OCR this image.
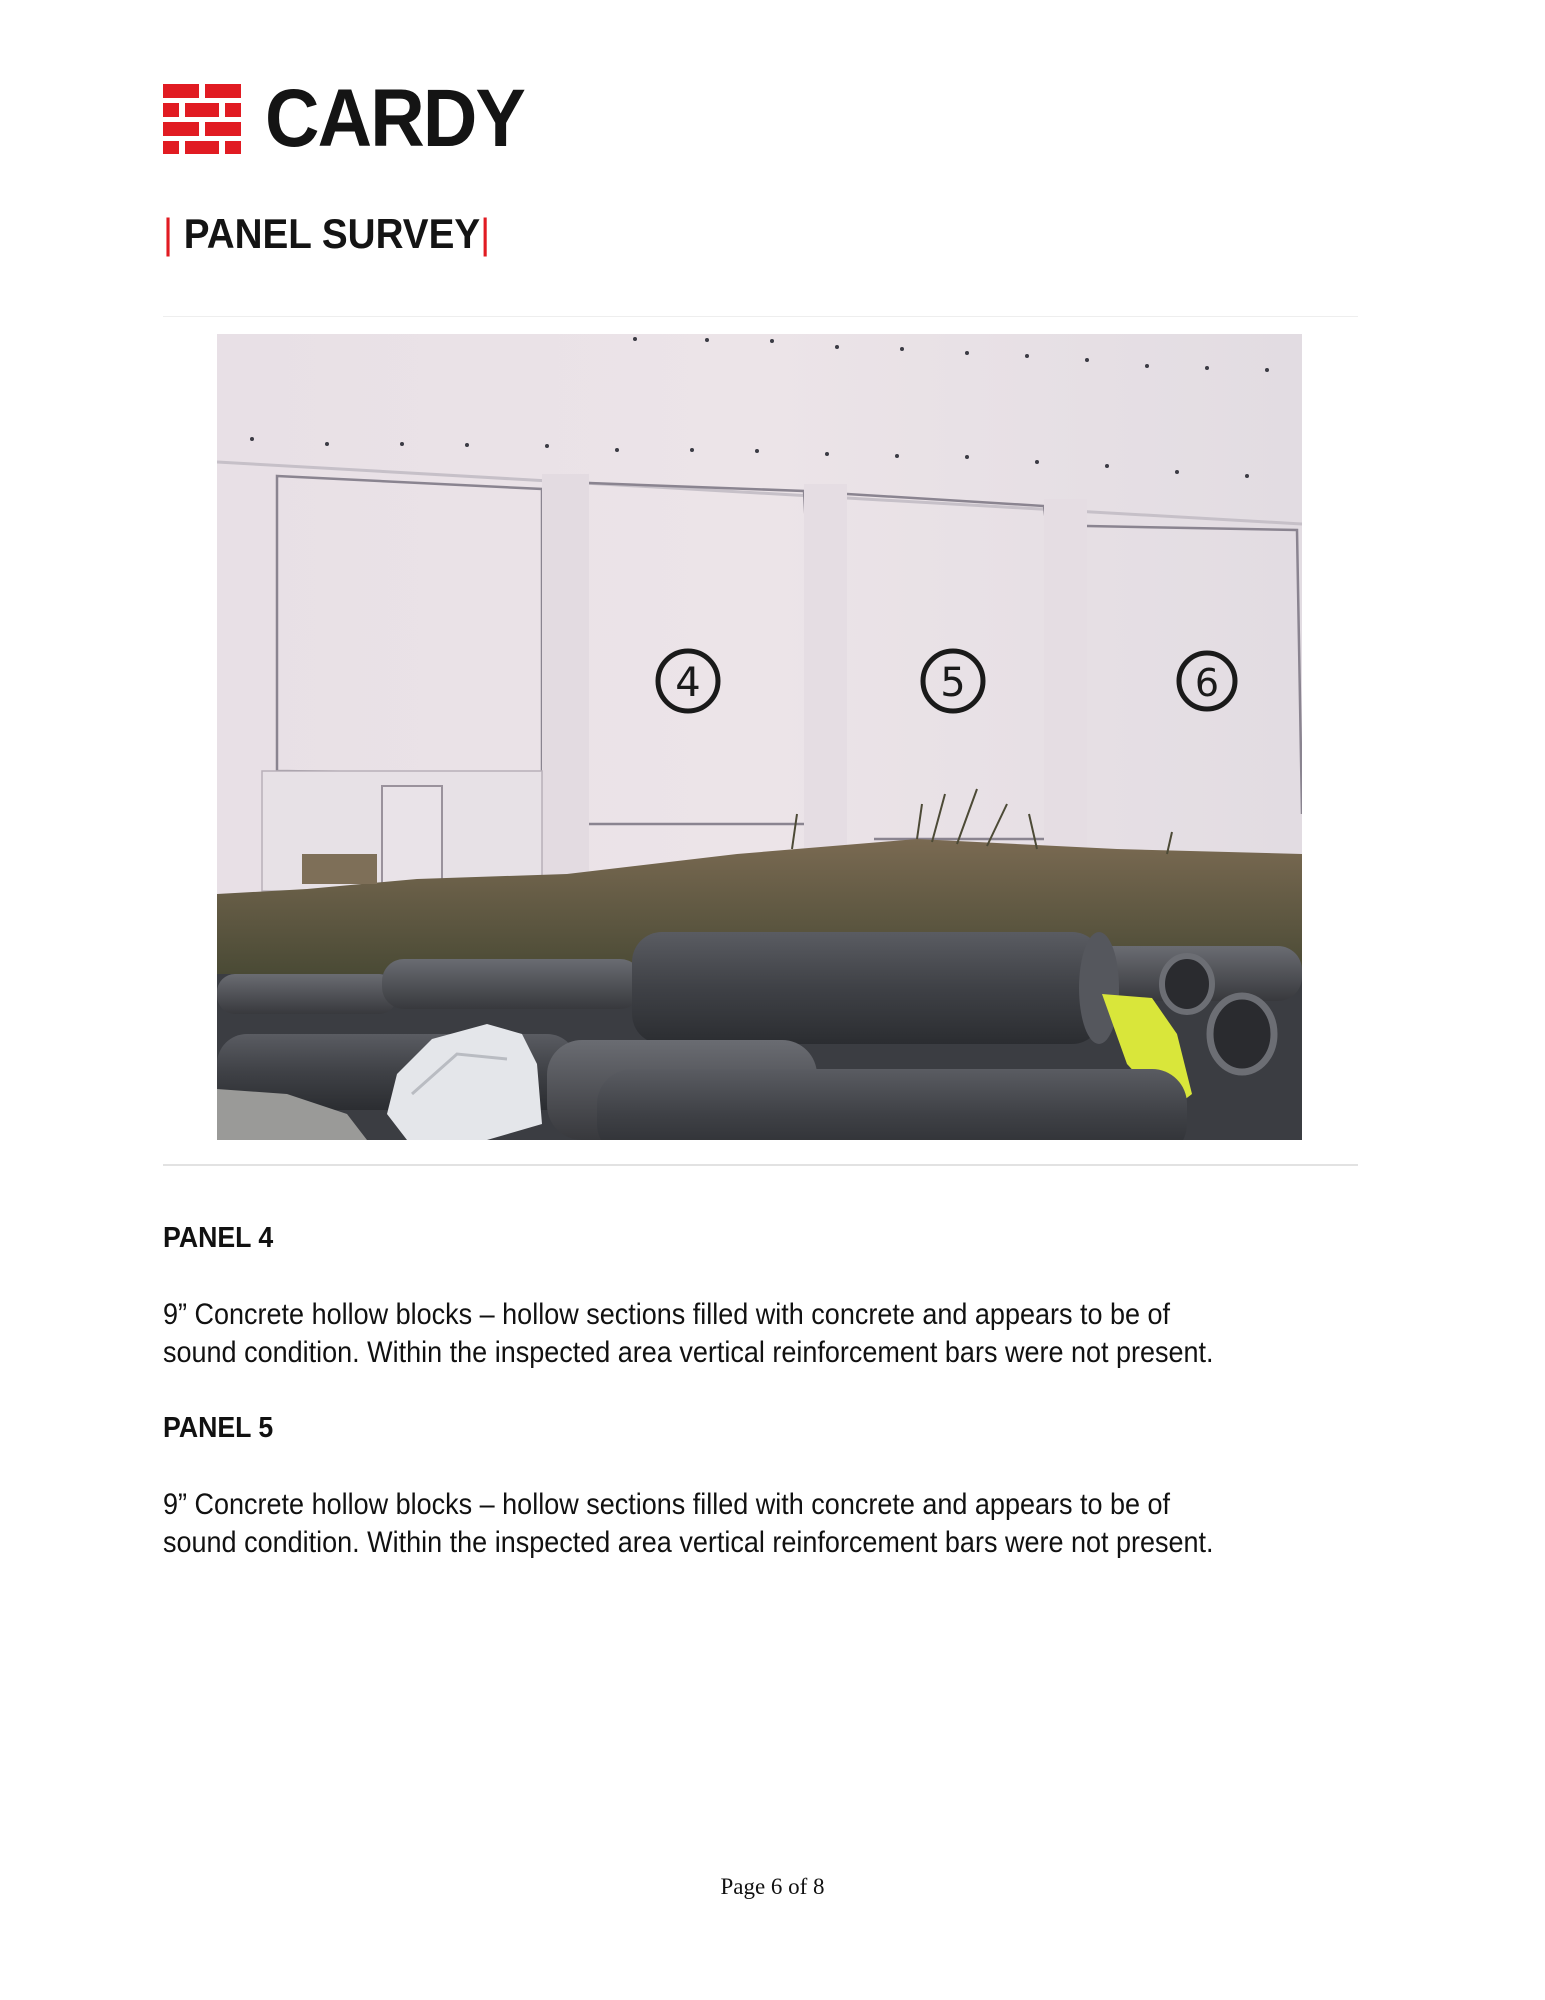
CARDY
| PANEL SURVEY|
4	5	6
PANEL 4
9” Concrete hollow blocks – hollow sections filled with concrete and appears to be of sound condition. Within the inspected area vertical reinforcement bars were not present.
PANEL 5
9” Concrete hollow blocks – hollow sections filled with concrete and appears to be of sound condition. Within the inspected area vertical reinforcement bars were not present.
Page 6 of 8
